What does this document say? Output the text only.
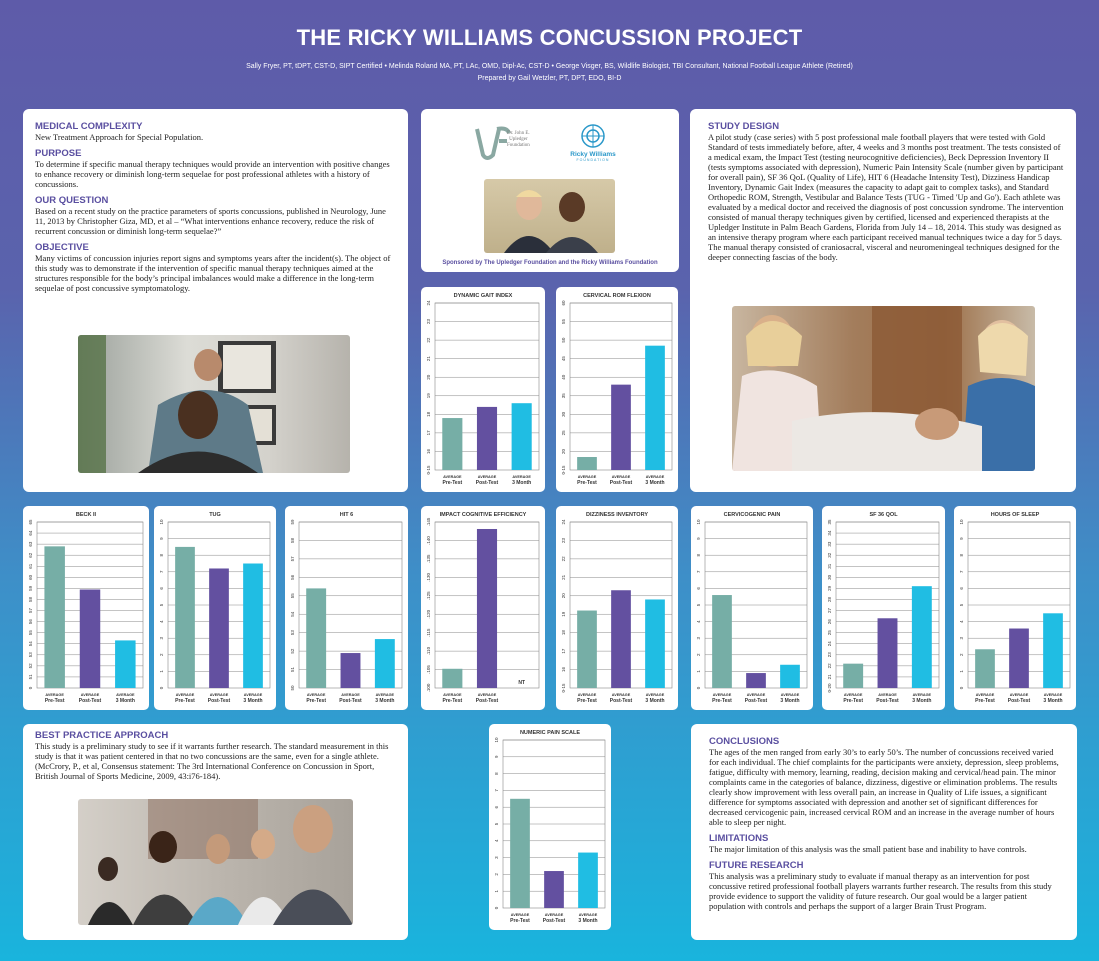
THE RICKY WILLIAMS CONCUSSION PROJECT
Sally Fryer, PT, tDPT, CST-D, SIPT Certified • Melinda Roland MA, PT, LAc, OMD, Dipl-Ac, CST-D • George Visger, BS, Wildlife Biologist, TBI Consultant, National Football League Athlete (Retired)
Prepared by Gail Wetzler, PT, DPT, EDO, BI-D

MEDICAL COMPLEXITY

New Treatment Approach for Special Population.

PURPOSE

To determine if specific manual therapy techniques would provide an intervention with positive changes to enhance recovery or diminish long-term sequelae for post professional athletes with a history of concussions.

OUR QUESTION

Based on a recent study on the practice parameters of sports concussions, published in Neurology, June 11, 2013 by Christopher Giza, MD, et al – “What interventions enhance recovery, reduce the risk of recurrent concussion or diminish long-term sequelae?”

OBJECTIVE

Many victims of concussion injuries report signs and symptoms years after the incident(s). The object of this study was to demonstrate if the intervention of specific manual therapy techniques aimed at the structures responsible for the body’s principal imbalances would make a difference in the long-term sequelae of post concussive symptomatology.

Dr. John E.
Upledger
Foundation
Ricky Williams
FOUNDATION
Sponsored by The Upledger Foundation and the Ricky Williams Foundation

STUDY DESIGN

A pilot study (case series) with 5 post professional male football players that were tested with Gold Standard of tests immediately before, after, 4 weeks and 3 months post treatment. The tests consisted of a medical exam, the Impact Test (testing neurocognitive deficiencies), Beck Depression Inventory II (tests symptoms associated with depression), Numeric Pain Intensity Scale (number given by participant for overall pain), SF 36 QoL (Quality of Life), HIT 6 (Headache Intensity Test), Dizziness Handicap Inventory, Dynamic Gait Index (measures the capacity to adapt gait to complex tasks), and Standard Orthopedic ROM, Strength, Vestibular and Balance Tests (TUG - Timed 'Up and Go'). Each athlete was evaluated by a medical doctor and received the diagnosis of post concussion syndrome. The intervention consisted of manual therapy techniques given by certified, licensed and experienced therapists at the Upledger Institute in Palm Beach Gardens, Florida from July 14 – 18, 2014. This study was designed as an intensive therapy program where each participant received manual techniques twice a day for 5 days. The manual therapy consisted of craniosacral, visceral and neuromeningeal techniques designed for the deeper connecting fascias of the body.

DYNAMIC GAIT INDEX
0-15
16
17
18
19
20
21
22
23
24
AVERAGE
Pre-Test
AVERAGE
Post-Test
AVERAGE
3 Month
CERVICAL ROM FLEXION
0-15
20
25
30
35
40
45
50
55
60
AVERAGE
Pre-Test
AVERAGE
Post-Test
AVERAGE
3 Month
BECK II
0
51
52
53
54
55
56
57
58
59
60
61
62
63
64
65
AVERAGE
Pre-Test
AVERAGE
Post-Test
AVERAGE
3 Month
TUG
0
1
2
3
4
5
6
7
8
9
10
AVERAGE
Pre-Test
AVERAGE
Post-Test
AVERAGE
3 Month
HIT 6
50
51
52
53
54
55
56
57
58
59
AVERAGE
Pre-Test
AVERAGE
Post-Test
AVERAGE
3 Month
IMPACT COGNITIVE EFFICIENCY
.100
.105
.110
.115
.120
.125
.130
.135
.140
.145
AVERAGE
Pre-Test
AVERAGE
Post-Test
NT
DIZZINESS INVENTORY
0-15
16
17
18
19
20
21
22
23
24
AVERAGE
Pre-Test
AVERAGE
Post-Test
AVERAGE
3 Month
CERVICOGENIC PAIN
0
1
2
3
4
5
6
7
8
9
10
AVERAGE
Pre-Test
AVERAGE
Post-Test
AVERAGE
3 Month
SF 36 QOL
0-20
21
22
23
24
25
26
27
28
29
30
31
32
33
34
35
AVERAGE
Pre-Test
AVERAGE
Post-Test
AVERAGE
3 Month
HOURS OF SLEEP
0
1
2
3
4
5
6
7
8
9
10
AVERAGE
Pre-Test
AVERAGE
Post-Test
AVERAGE
3 Month
NUMERIC PAIN SCALE
0
1
2
3
4
5
6
7
8
9
10
AVERAGE
Pre-Test
AVERAGE
Post-Test
AVERAGE
3 Month

BEST PRACTICE APPROACH

This study is a preliminary study to see if it warrants further research. The standard measurement in this study is that it was patient centered in that no two concussions are the same, even for a single athlete. (McCrory, P., et al, Consensus statement: The 3rd International Conference on Concussion in Sport, British Journal of Sports Medicine, 2009, 43:i76-184).

CONCLUSIONS

The ages of the men ranged from early 30’s to early 50’s. The number of concussions received varied for each individual. The chief complaints for the participants were anxiety, depression, sleep problems, fatigue, difficulty with memory, learning, reading, decision making and cervical/head pain. The minor complaints came in the categories of balance, dizziness, digestive or elimination problems. The results clearly show improvement with less overall pain, an increase in Quality of Life issues, a significant difference for symptoms associated with depression and another set of significant differences for decreased cervicogenic pain, increased cervical ROM and an increase in the average number of hours able to sleep per night.

LIMITATIONS

The major limitation of this analysis was the small patient base and inability to have controls.

FUTURE RESEARCH

This analysis was a preliminary study to evaluate if manual therapy as an intervention for post concussive retired professional football players warrants further research. The results from this study provide evidence to support the validity of future research. Our goal would be a larger patient population with controls and perhaps the support of a larger Brain Trust Program.
